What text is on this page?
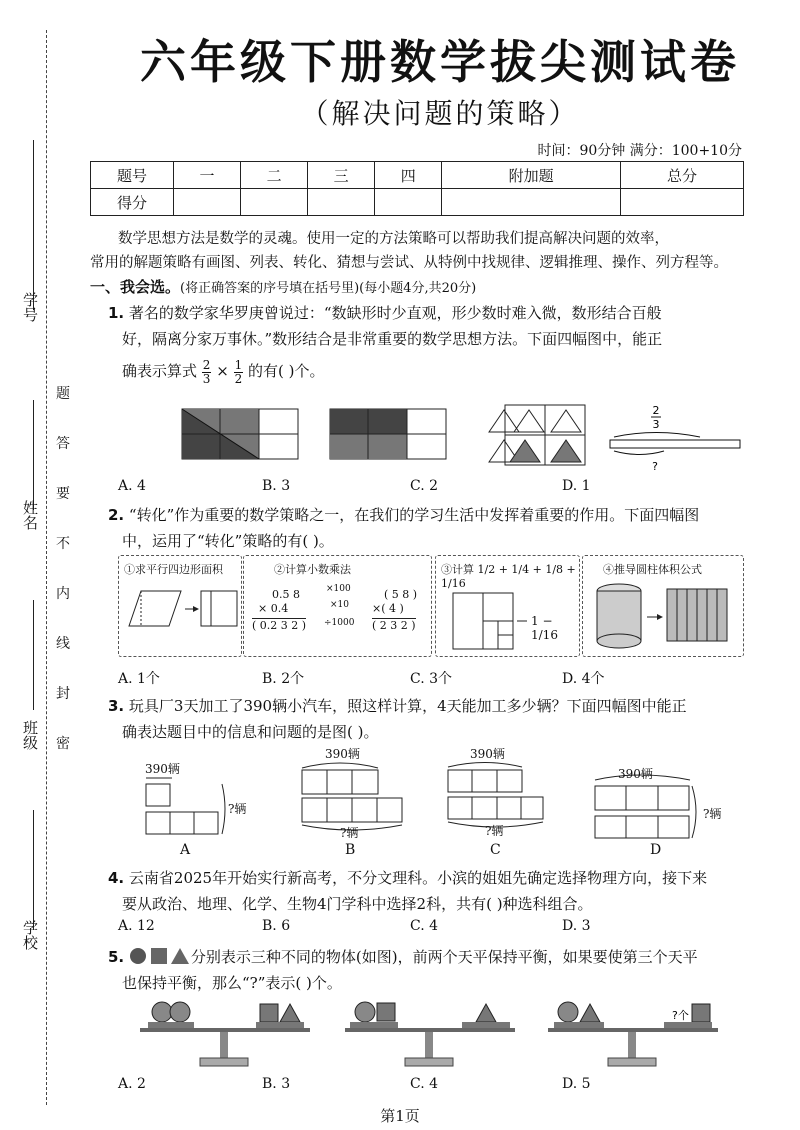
学号
姓名
班级
学校
题
答
要
不
内
线
封
密
六年级下册数学拔尖测试卷
（解决问题的策略）
时间：90分钟 满分：100+10分
题号	一	二	三	四	附加题	总分
得分						
数学思想方法是数学的灵魂。使用一定的方法策略可以帮助我们提高解决问题的效率，
常用的解题策略有画图、列表、转化、猜想与尝试、从特例中找规律、逻辑推理、操作、列方程等。
一、我会选。(将正确答案的序号填在括号里)(每小题4分,共20分)
1. 著名的数学家华罗庚曾说过：“数缺形时少直观，形少数时难入微，数形结合百般
好，隔离分家万事休。”数形结合是非常重要的数学思想方法。下面四幅图中，能正
确表示算式 $\frac{2}{3} \times \frac{1}{2}$ 的有( )个。
2
3
?
?个
A. 4	B. 3	C. 2	D. 1
2. “转化”作为重要的数学策略之一，在我们的学习生活中发挥着重要的作用。下面四幅图
中，运用了“转化”策略的有( )。
①求平行四边形面积	②计算小数乘法
0.5 8
× 0.4
( 0.2 3 2 )
×100
×10
÷1000
( 5 8 )
×( 4 )
( 2 3 2 )
③计算 1/2 + 1/4 + 1/8 + 1/16
1 − 1/16
④推导圆柱体积公式
A. 1个	B. 2个	C. 3个	D. 4个
3. 玩具厂3天加工了390辆小汽车，照这样计算，4天能加工多少辆？下面四幅图中能正
确表达题目中的信息和问题的是图( )。
390辆
?辆
390辆
?辆
390辆
?辆
390辆
?辆
A	B	C	D
4. 云南省2025年开始实行新高考，不分文理科。小滨的姐姐先确定选择物理方向，接下来
要从政治、地理、化学、生物4门学科中选择2科，共有( )种选科组合。
A. 12	B. 6	C. 4	D. 3
5.	分别表示三种不同的物体(如图)，前两个天平保持平衡，如果要使第三个天平
也保持平衡，那么“?”表示( )个。
A. 2	B. 3	C. 4	D. 5
第1页
